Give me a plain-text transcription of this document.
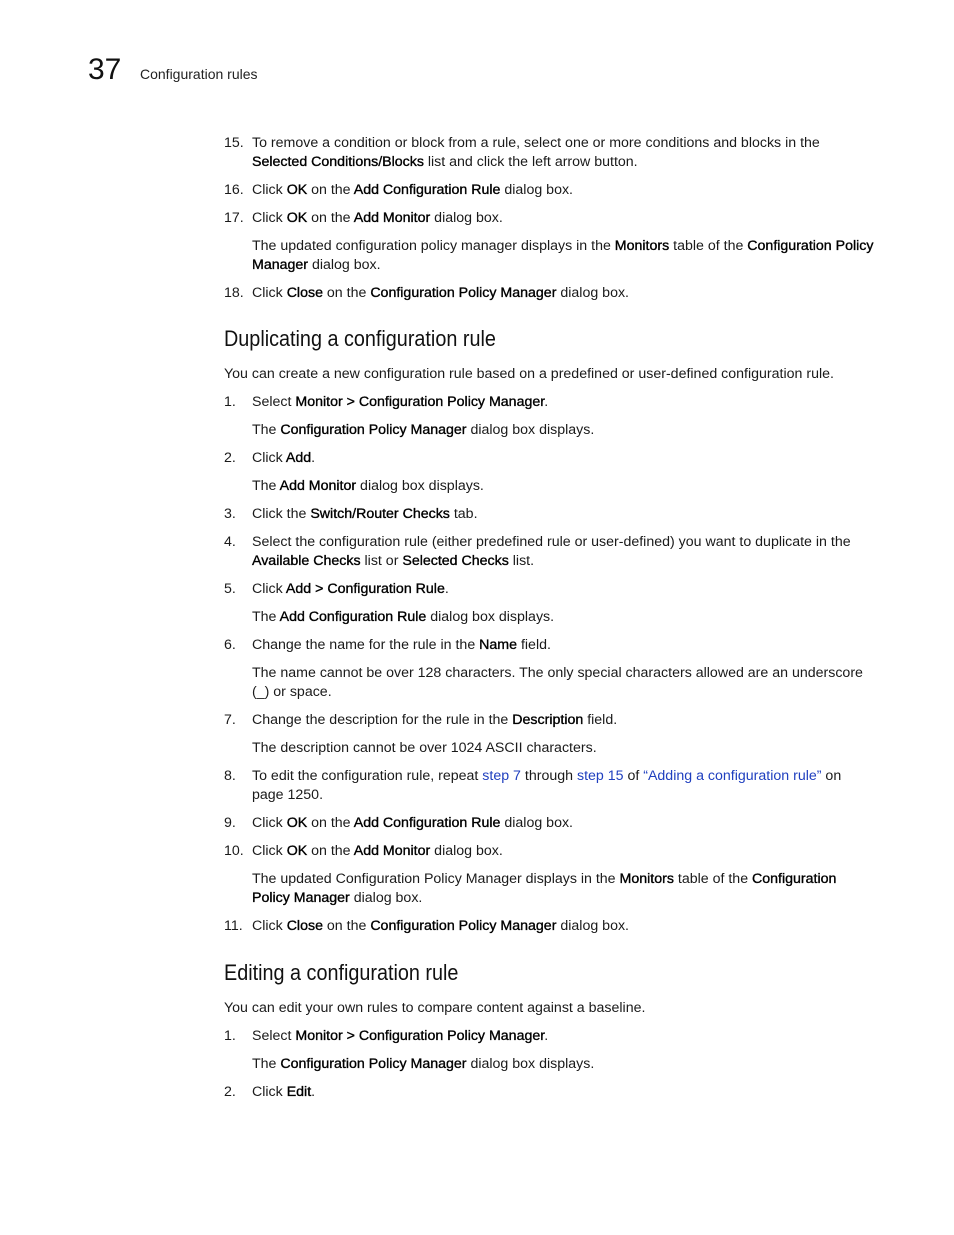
37 Configuration rules
15. To remove a condition or block from a rule, select one or more conditions and blocks in the Selected Conditions/Blocks list and click the left arrow button.
16. Click OK on the Add Configuration Rule dialog box.
17. Click OK on the Add Monitor dialog box.
The updated configuration policy manager displays in the Monitors table of the Configuration Policy Manager dialog box.
18. Click Close on the Configuration Policy Manager dialog box.
Duplicating a configuration rule
You can create a new configuration rule based on a predefined or user-defined configuration rule.
1. Select Monitor > Configuration Policy Manager.
The Configuration Policy Manager dialog box displays.
2. Click Add.
The Add Monitor dialog box displays.
3. Click the Switch/Router Checks tab.
4. Select the configuration rule (either predefined rule or user-defined) you want to duplicate in the Available Checks list or Selected Checks list.
5. Click Add > Configuration Rule.
The Add Configuration Rule dialog box displays.
6. Change the name for the rule in the Name field.
The name cannot be over 128 characters. The only special characters allowed are an underscore (_) or space.
7. Change the description for the rule in the Description field.
The description cannot be over 1024 ASCII characters.
8. To edit the configuration rule, repeat step 7 through step 15 of “Adding a configuration rule” on page 1250.
9. Click OK on the Add Configuration Rule dialog box.
10. Click OK on the Add Monitor dialog box.
The updated Configuration Policy Manager displays in the Monitors table of the Configuration Policy Manager dialog box.
11. Click Close on the Configuration Policy Manager dialog box.
Editing a configuration rule
You can edit your own rules to compare content against a baseline.
1. Select Monitor > Configuration Policy Manager.
The Configuration Policy Manager dialog box displays.
2. Click Edit.
